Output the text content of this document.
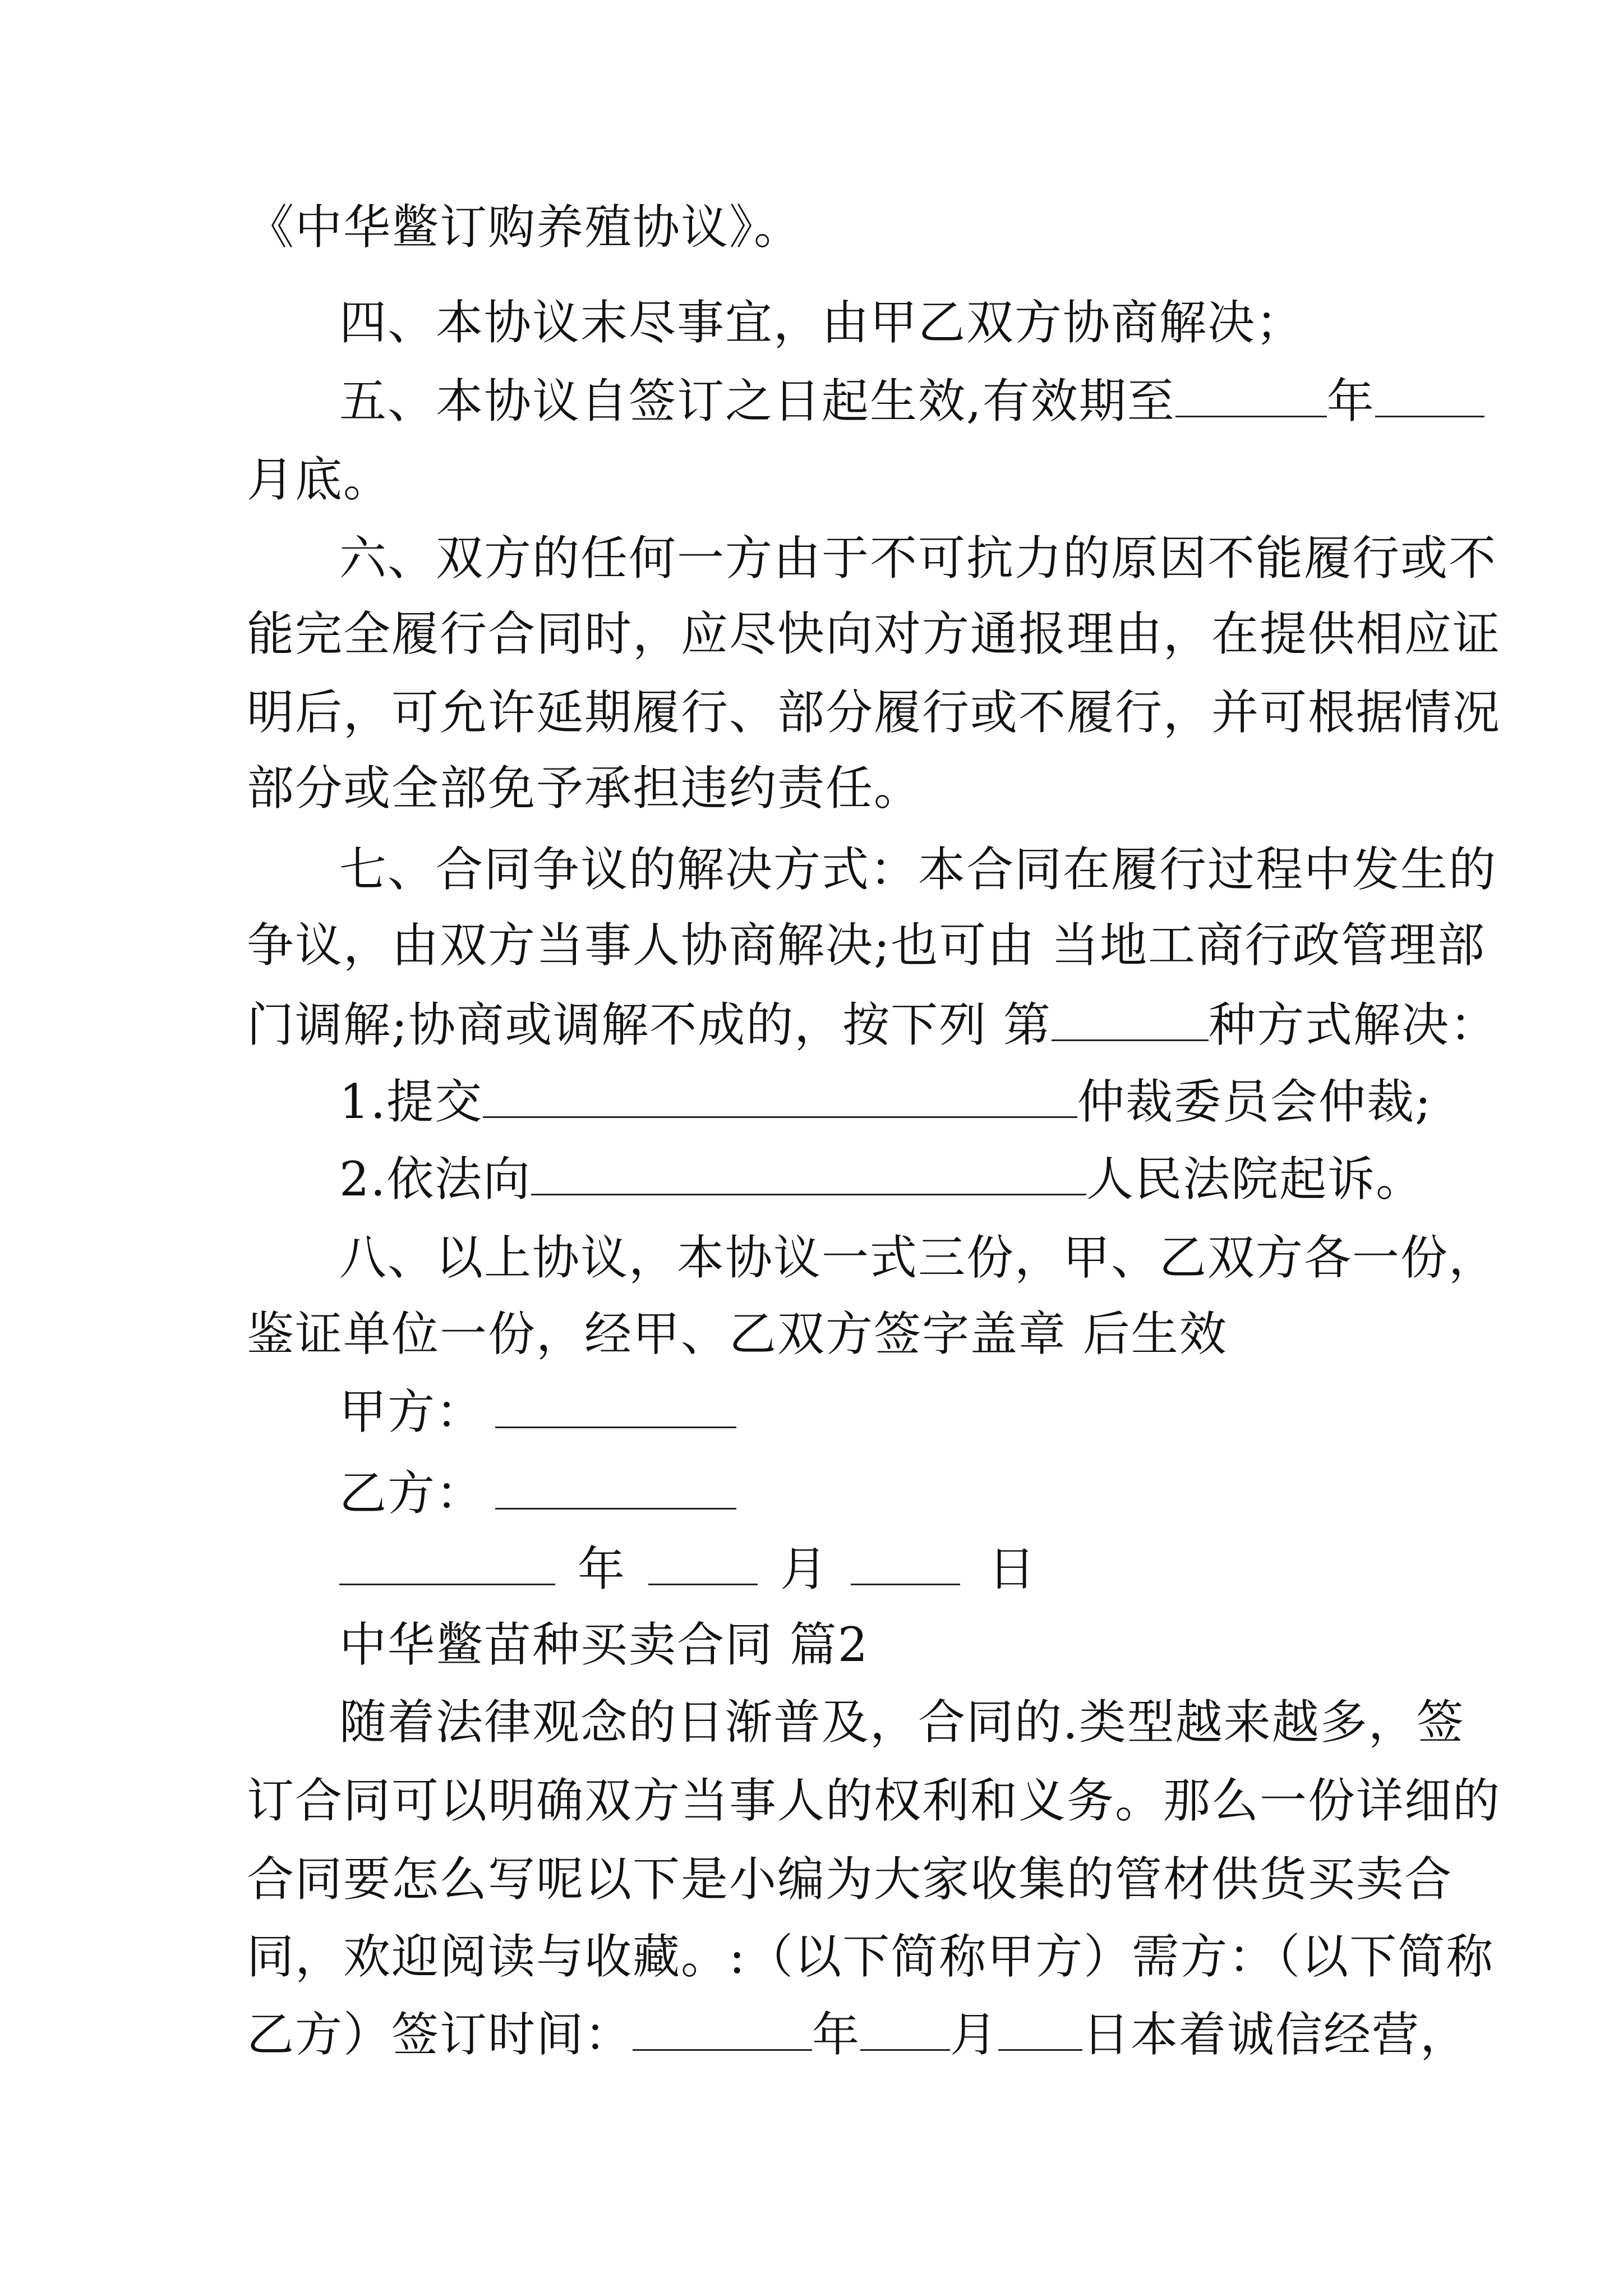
《中华鳖订购养殖协议》。
四、本协议末尽事宜，由甲乙双方协商解决；
五、本协议自签订之日起生效,有效期至	年
月底。
六、双方的任何一方由于不可抗力的原因不能履行或不
能完全履行合同时，应尽快向对方通报理由，在提供相应证
明后，可允许延期履行、部分履行或不履行，并可根据情况
部分或全部免予承担违约责任。
七、合同争议的解决方式：本合同在履行过程中发生的
争议，由双方当事人协商解决;也可由 当地工商行政管理部
门调解;协商或调解不成的，按下列 第	种方式解决：
1.提交	仲裁委员会仲裁;
2.依法向	人民法院起诉。
八、以上协议，本协议一式三份，甲、乙双方各一份，
鉴证单位一份，经甲、乙双方签字盖章 后生效
甲方：
乙方：
年	月	日
中华鳖苗种买卖合同 篇2
随着法律观念的日渐普及，合同的.类型越来越多，签
订合同可以明确双方当事人的权利和义务。那么一份详细的
合同要怎么写呢以下是小编为大家收集的管材供货买卖合
同，欢迎阅读与收藏。:（以下简称甲方）需方：（以下简称
乙方）签订时间：	年 月 日本着诚信经营，
